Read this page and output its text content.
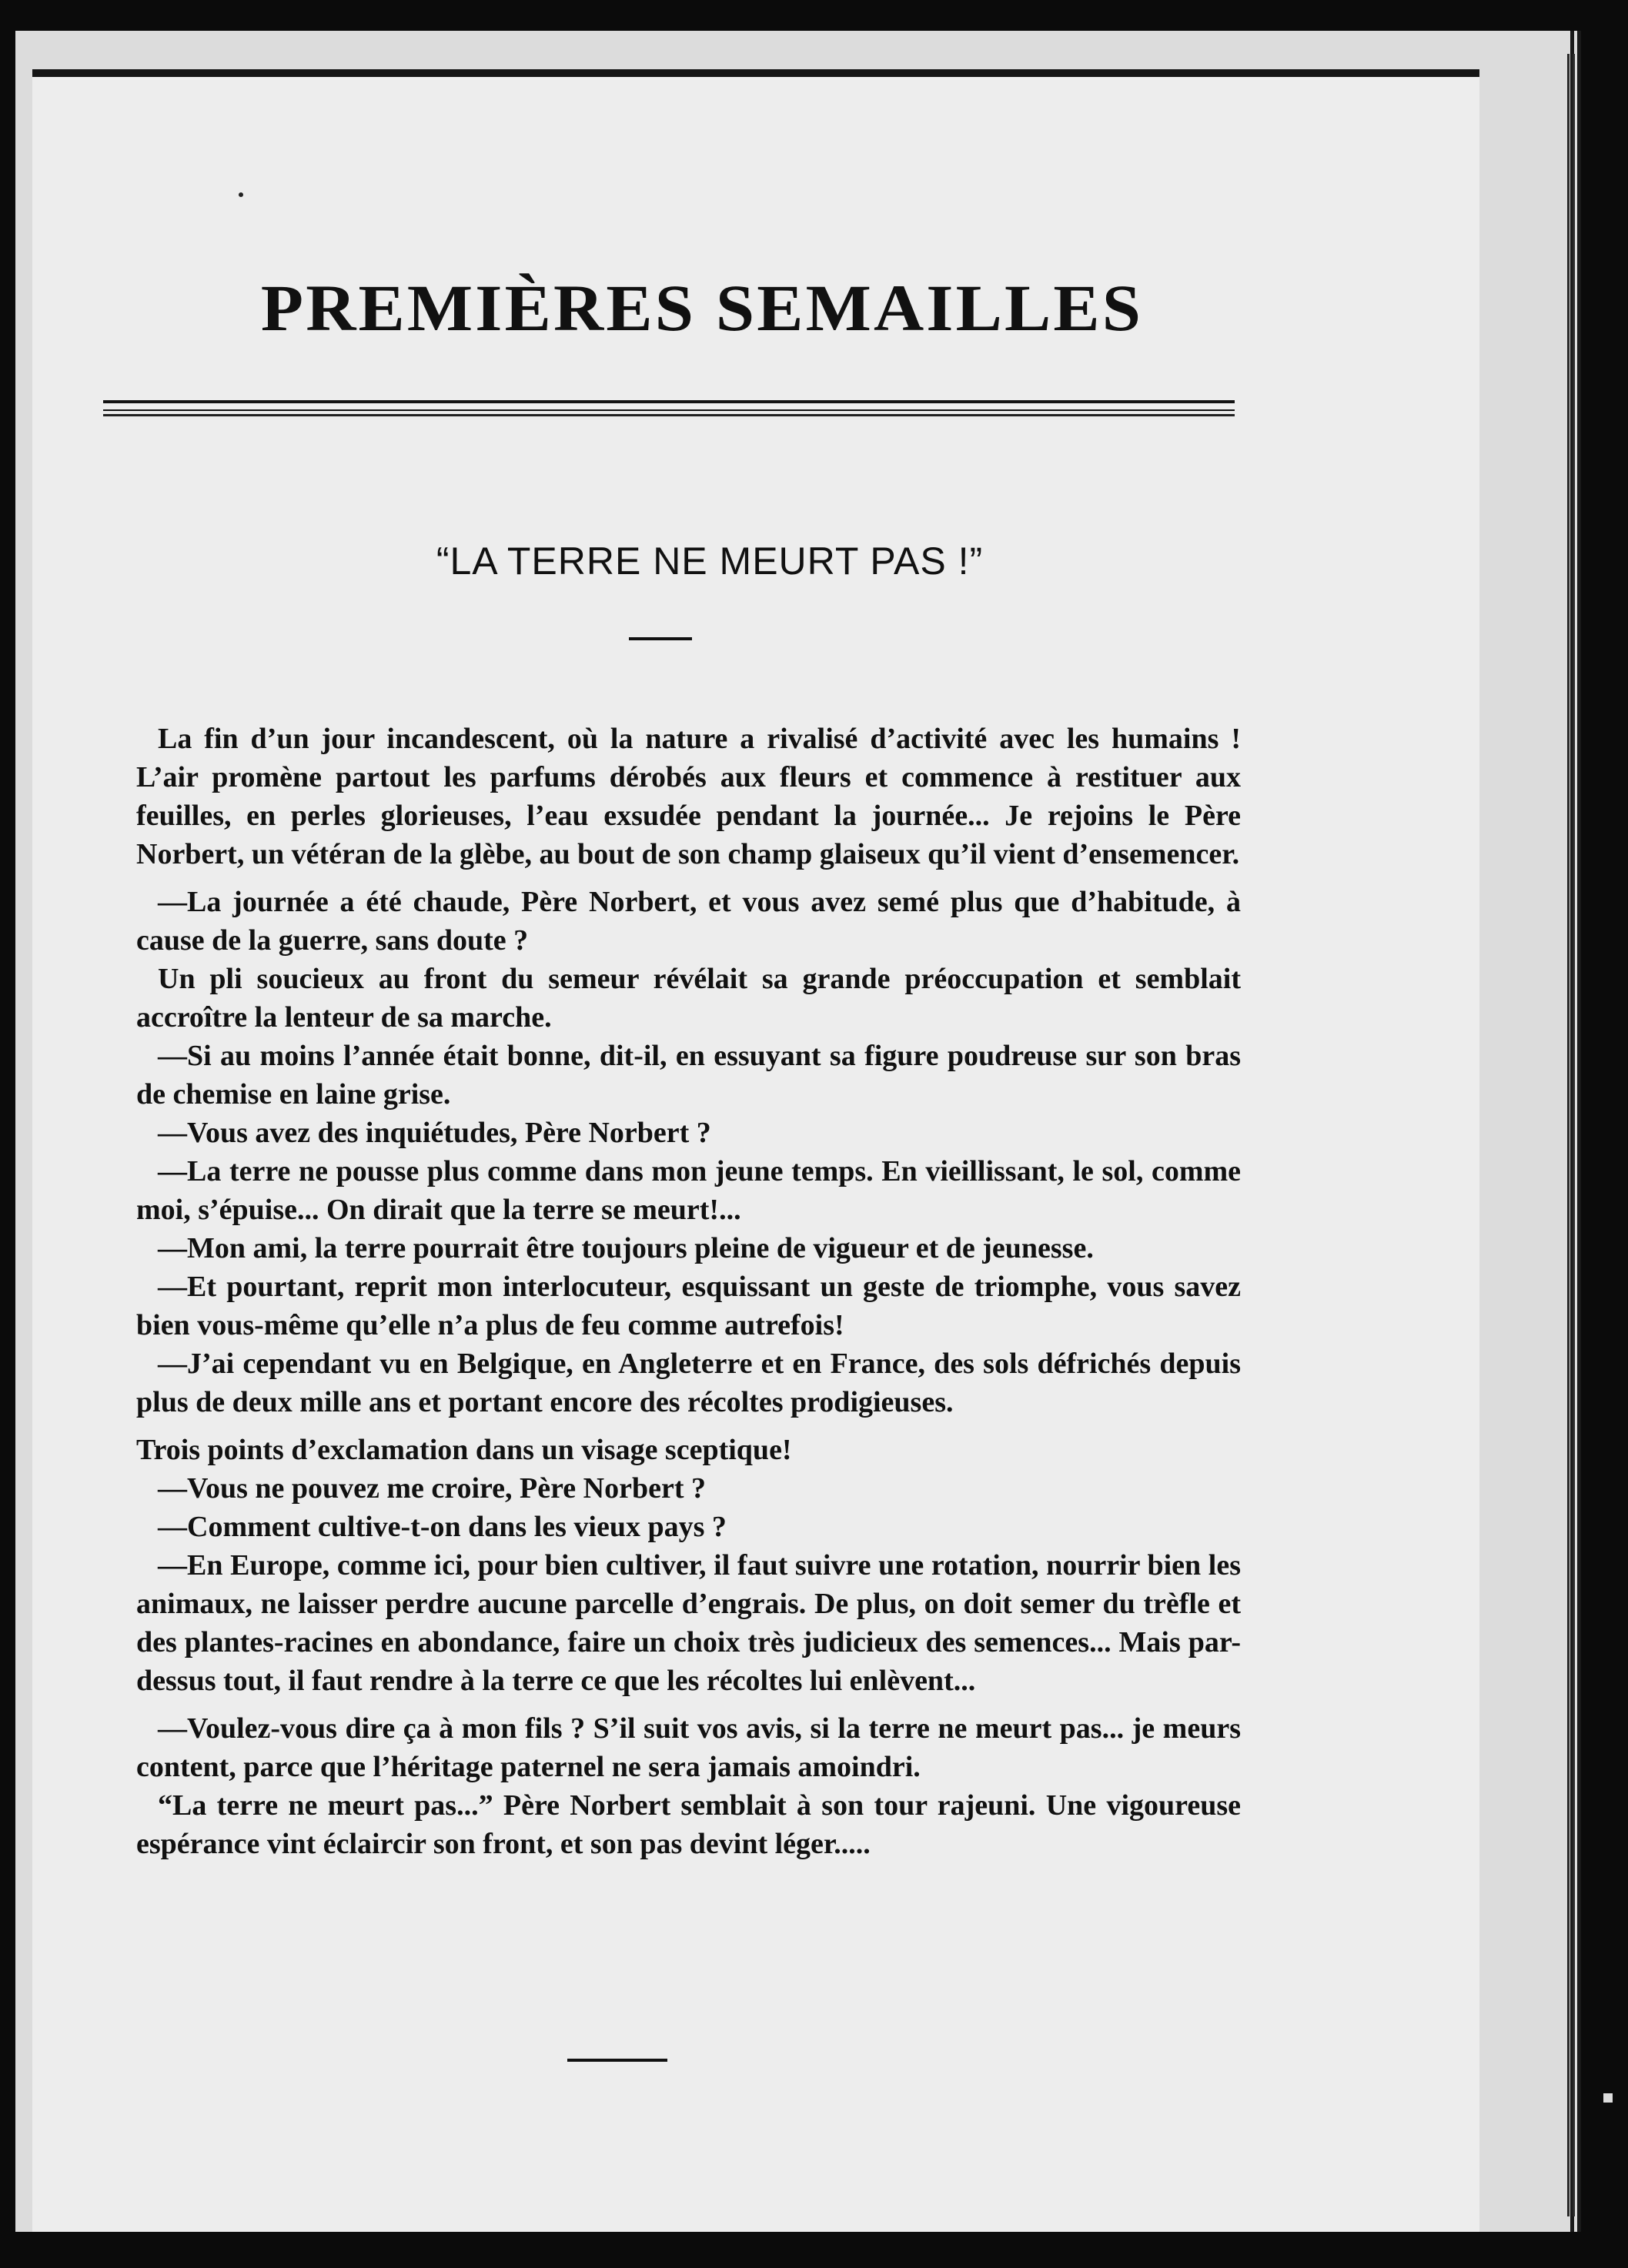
PREMIÈRES SEMAILLES
“LA TERRE NE MEURT PAS !”

La fin d’un jour incandescent, où la nature a rivalisé d’activité avec les humains ! L’air promène partout les parfums dérobés aux fleurs et commence à restituer aux feuilles, en perles glorieuses, l’eau exsudée pendant la journée... Je rejoins le Père Norbert, un vétéran de la glèbe, au bout de son champ glaiseux qu’il vient d’ensemencer.

—La journée a été chaude, Père Norbert, et vous avez semé plus que d’habitude, à cause de la guerre, sans doute ?

Un pli soucieux au front du semeur révélait sa grande préoccupation et semblait accroître la lenteur de sa marche.

—Si au moins l’année était bonne, dit-il, en essuyant sa figure poudreuse sur son bras de chemise en laine grise.

—Vous avez des inquiétudes, Père Norbert ?

—La terre ne pousse plus comme dans mon jeune temps. En vieillissant, le sol, comme moi, s’épuise... On dirait que la terre se meurt!...

—Mon ami, la terre pourrait être toujours pleine de vigueur et de jeunesse.

—Et pourtant, reprit mon interlocuteur, esquissant un geste de triomphe, vous savez bien vous-même qu’elle n’a plus de feu comme autrefois!

—J’ai cependant vu en Belgique, en Angleterre et en France, des sols défrichés depuis plus de deux mille ans et portant encore des récoltes prodigieuses.

Trois points d’exclamation dans un visage sceptique!

—Vous ne pouvez me croire, Père Norbert ?

—Comment cultive-t-on dans les vieux pays ?

—En Europe, comme ici, pour bien cultiver, il faut suivre une rotation, nourrir bien les animaux, ne laisser perdre aucune parcelle d’engrais. De plus, on doit semer du trèfle et des plantes-racines en abondance, faire un choix très judicieux des semences... Mais par-dessus tout, il faut rendre à la terre ce que les récoltes lui enlèvent...

—Voulez-vous dire ça à mon fils ? S’il suit vos avis, si la terre ne meurt pas... je meurs content, parce que l’héritage paternel ne sera jamais amoindri.

“La terre ne meurt pas...” Père Norbert semblait à son tour rajeuni. Une vigoureuse espérance vint éclaircir son front, et son pas devint léger.....
